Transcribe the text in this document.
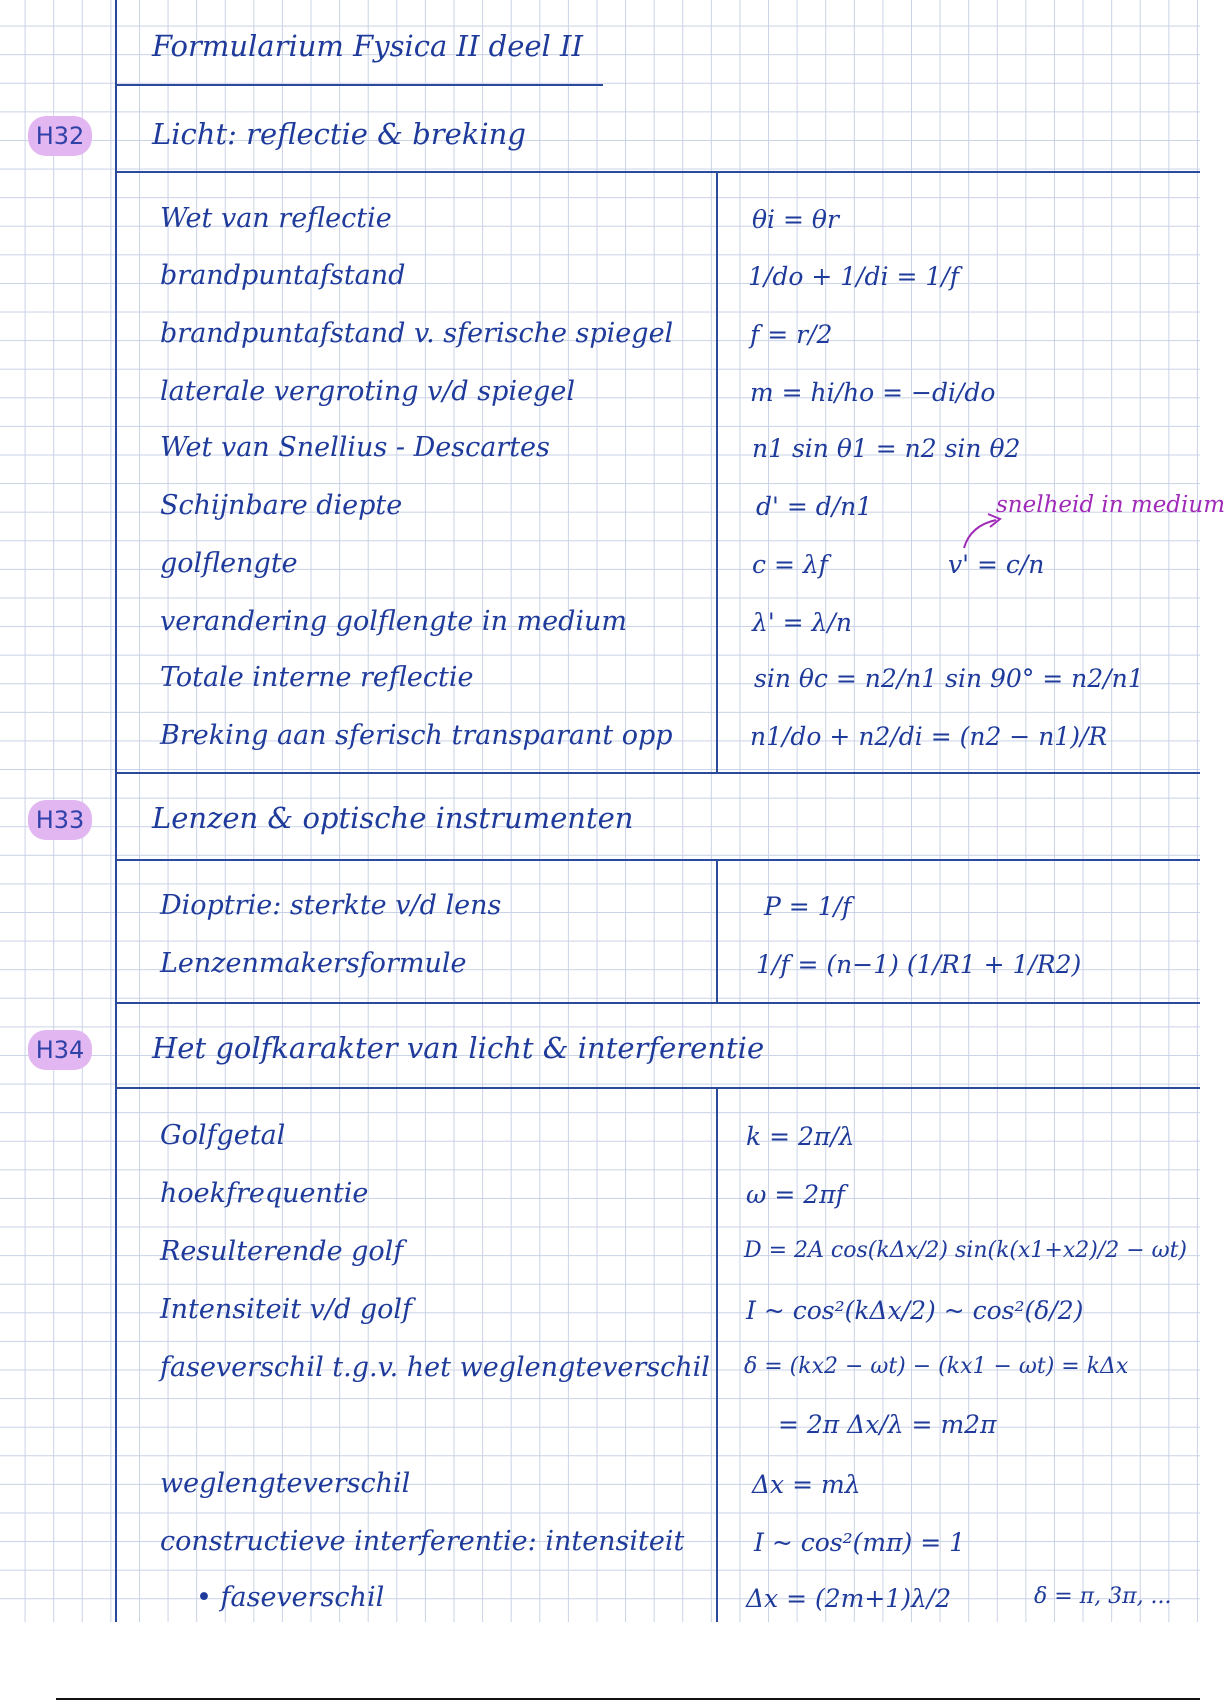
Formularium Fysica II deel II
H32 Licht: reflectie & breking
Wet van reflectie	θi = θr
brandpuntafstand	1/do + 1/di = 1/f
brandpuntafstand v. sferische spiegel	f = r/2
laterale vergroting v/d spiegel	m = hi/ho = −di/do
Wet van Snellius - Descartes	n1 sin θ1 = n2 sin θ2
Schijnbare diepte	d' = d/n1	snelheid in medium
golflengte	c = λf	v' = c/n
verandering golflengte in medium	λ' = λ/n
Totale interne reflectie	sin θc = n2/n1 sin 90° = n2/n1
Breking aan sferisch transparant opp	n1/do + n2/di = (n2 − n1)/R
H33 Lenzen & optische instrumenten
Dioptrie: sterkte v/d lens	P = 1/f
Lenzenmakersformule	1/f = (n−1) (1/R1 + 1/R2)
H34 Het golfkarakter van licht & interferentie
Golfgetal	k = 2π/λ
hoekfrequentie	ω = 2πf
Resulterende golf	D = 2A cos(kΔx/2) sin(k(x1+x2)/2 − ωt)
Intensiteit v/d golf	I ~ cos²(kΔx/2) ~ cos²(δ/2)
faseverschil t.g.v. het weglengteverschil δ = (kx2 − ωt) − (kx1 − ωt) = kΔx
= 2π Δx/λ = m2π
weglengteverschil	Δx = mλ
constructieve interferentie: intensiteit	I ~ cos²(mπ) = 1
• faseverschil	Δx = (2m+1)λ/2	δ = π, 3π, ...
